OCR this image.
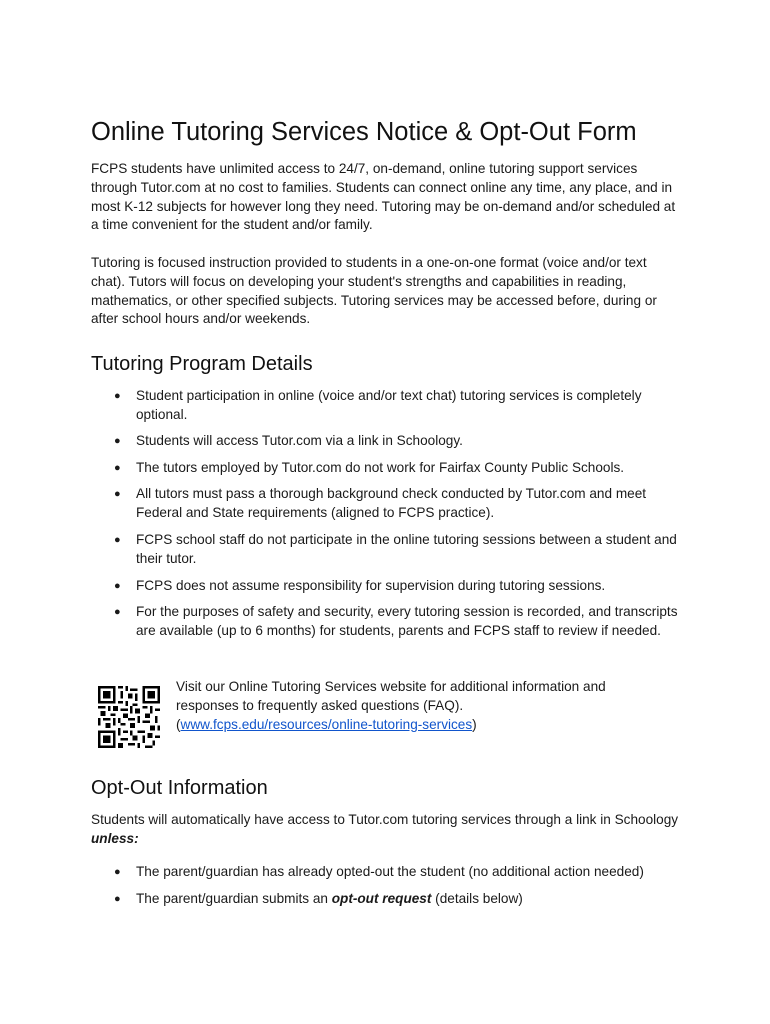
Online Tutoring Services Notice & Opt-Out Form

FCPS students have unlimited access to 24/7, on-demand, online tutoring support services through Tutor.com at no cost to families. Students can connect online any time, any place, and in most K-12 subjects for however long they need. Tutoring may be on-demand and/or scheduled at a time convenient for the student and/or family.

Tutoring is focused instruction provided to students in a one-on-one format (voice and/or text chat). Tutors will focus on developing your student's strengths and capabilities in reading, mathematics, or other specified subjects. Tutoring services may be accessed before, during or after school hours and/or weekends.

Tutoring Program Details
● Student participation in online (voice and/or text chat) tutoring services is completely optional.
● Students will access Tutor.com via a link in Schoology.
● The tutors employed by Tutor.com do not work for Fairfax County Public Schools.
● All tutors must pass a thorough background check conducted by Tutor.com and meet Federal and State requirements (aligned to FCPS practice).
● FCPS school staff do not participate in the online tutoring sessions between a student and their tutor.
● FCPS does not assume responsibility for supervision during tutoring sessions.
● For the purposes of safety and security, every tutoring session is recorded, and transcripts are available (up to 6 months) for students, parents and FCPS staff to review if needed.

Visit our Online Tutoring Services website for additional information and responses to frequently asked questions (FAQ).
(www.fcps.edu/resources/online-tutoring-services)

Opt-Out Information

Students will automatically have access to Tutor.com tutoring services through a link in Schoology unless:

● The parent/guardian has already opted-out the student (no additional action needed)
● The parent/guardian submits an opt-out request (details below)
